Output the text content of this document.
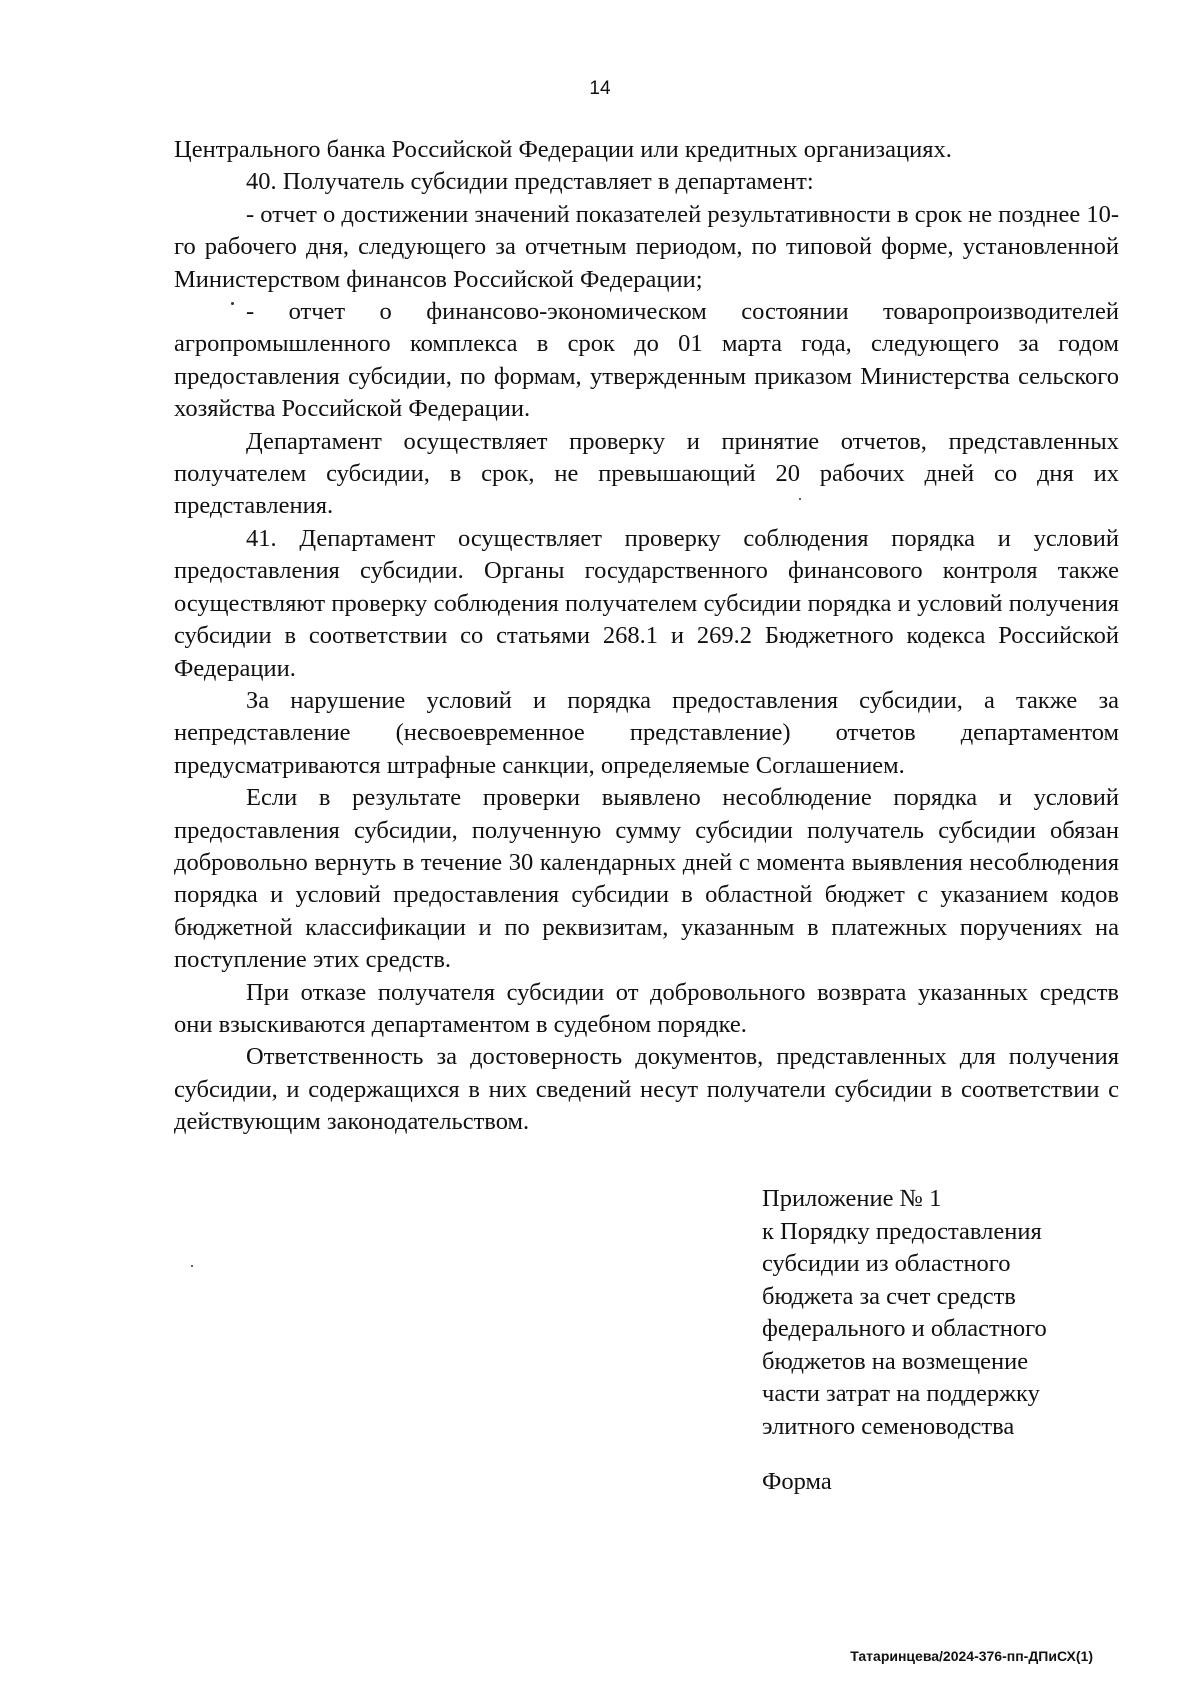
14

Центрального банка Российской Федерации или кредитных организациях.

40. Получатель субсидии представляет в департамент:

- отчет о достижении значений показателей результативности в срок не позднее 10-го рабочего дня, следующего за отчетным периодом, по типовой форме, установленной Министерством финансов Российской Федерации;

- отчет о финансово-экономическом состоянии товаропроизводителей агропромышленного комплекса в срок до 01 марта года, следующего за годом предоставления субсидии, по формам, утвержденным приказом Министерства сельского хозяйства Российской Федерации.

Департамент осуществляет проверку и принятие отчетов, представленных получателем субсидии, в срок, не превышающий 20 рабочих дней со дня их представления.

41. Департамент осуществляет проверку соблюдения порядка и условий предоставления субсидии. Органы государственного финансового контроля также осуществляют проверку соблюдения получателем субсидии порядка и условий получения субсидии в соответствии со статьями 268.1 и 269.2 Бюджетного кодекса Российской Федерации.

За нарушение условий и порядка предоставления субсидии, а также за непредставление (несвоевременное представление) отчетов департаментом предусматриваются штрафные санкции, определяемые Соглашением.

Если в результате проверки выявлено несоблюдение порядка и условий предоставления субсидии, полученную сумму субсидии получатель субсидии обязан добровольно вернуть в течение 30 календарных дней с момента выявления несоблюдения порядка и условий предоставления субсидии в областной бюджет с указанием кодов бюджетной классификации и по реквизитам, указанным в платежных поручениях на поступление этих средств.

При отказе получателя субсидии от добровольного возврата указанных средств они взыскиваются департаментом в судебном порядке.

Ответственность за достоверность документов, представленных для получения субсидии, и содержащихся в них сведений несут получатели субсидии в соответствии с действующим законодательством.

Приложение № 1
к Порядку предоставления
субсидии из областного
бюджета за счет средств
федерального и областного
бюджетов на возмещение
части затрат на поддержку
элитного семеноводства
Форма
Татаринцева/2024-376-пп-ДПиСХ(1)
